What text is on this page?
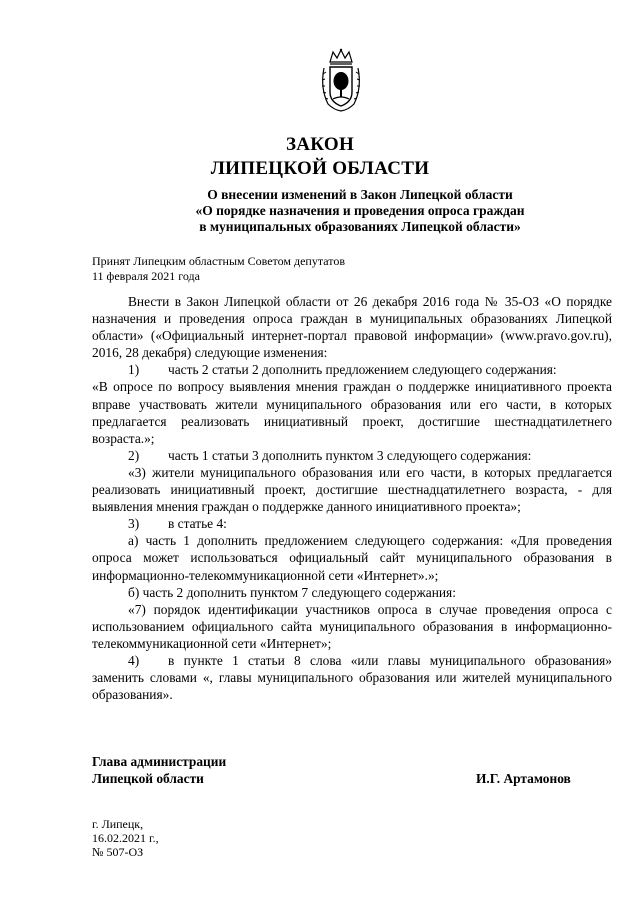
ЗАКОН
ЛИПЕЦКОЙ ОБЛАСТИ
О внесении изменений в Закон Липецкой области
«О порядке назначения и проведения опроса граждан
в муниципальных образованиях Липецкой области»
Принят Липецким областным Советом депутатов
11 февраля 2021 года

Внести в Закон Липецкой области от 26 декабря 2016 года № 35-ОЗ «О порядке назначения и проведения опроса граждан в муниципальных образованиях Липецкой области» («Официальный интернет-портал правовой информации» (www.pravo.gov.ru), 2016, 28 декабря) следующие изменения:

1) часть 2 статьи 2 дополнить предложением следующего содержания:

«В опросе по вопросу выявления мнения граждан о поддержке инициативного проекта вправе участвовать жители муниципального образования или его части, в которых предлагается реализовать инициативный проект, достигшие шестнадцатилетнего возраста.»;

2) часть 1 статьи 3 дополнить пунктом 3 следующего содержания:

«3) жители муниципального образования или его части, в которых предлагается реализовать инициативный проект, достигшие шестнадцатилетнего возраста, - для выявления мнения граждан о поддержке данного инициативного проекта»;

3) в статье 4:

а) часть 1 дополнить предложением следующего содержания: «Для проведения опроса может использоваться официальный сайт муниципального образования в информационно-телекоммуникационной сети «Интернет».»;

б) часть 2 дополнить пунктом 7 следующего содержания:

«7) порядок идентификации участников опроса в случае проведения опроса с использованием официального сайта муниципального образования в информационно-телекоммуникационной сети «Интернет»;

4) в пункте 1 статьи 8 слова «или главы муниципального образования» заменить словами «, главы муниципального образования или жителей муниципального образования».

Глава администрации
Липецкой области	И.Г. Артамонов
г. Липецк,
16.02.2021 г.,
№ 507-ОЗ
